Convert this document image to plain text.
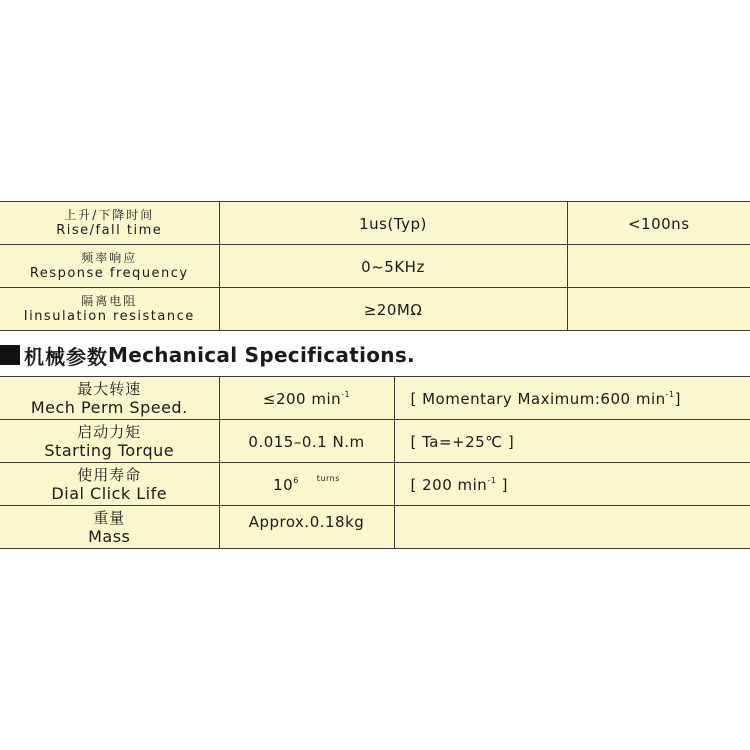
上升/下降时间
Rise/fall time	1us(Typ)	<100ns

频率响应
Response frequency	0~5KHz	

隔离电阻
Iinsulation resistance	≥20MΩ	
机械参数 Mechanical Specifications.
最大转速
Mech Perm Speed.	≤200 $\min^{-1}$	[ Momentary Maximum:600 $\min^{-1}$]

启动力矩
Starting Torque	0.015–0.1 N.m	[ Ta=+25℃ ]

使用寿命
Dial Click Life	$10^6$ $^{turns}$	[ 200 $\min^{-1}$ ]

重量
Mass	Approx.0.18kg	
